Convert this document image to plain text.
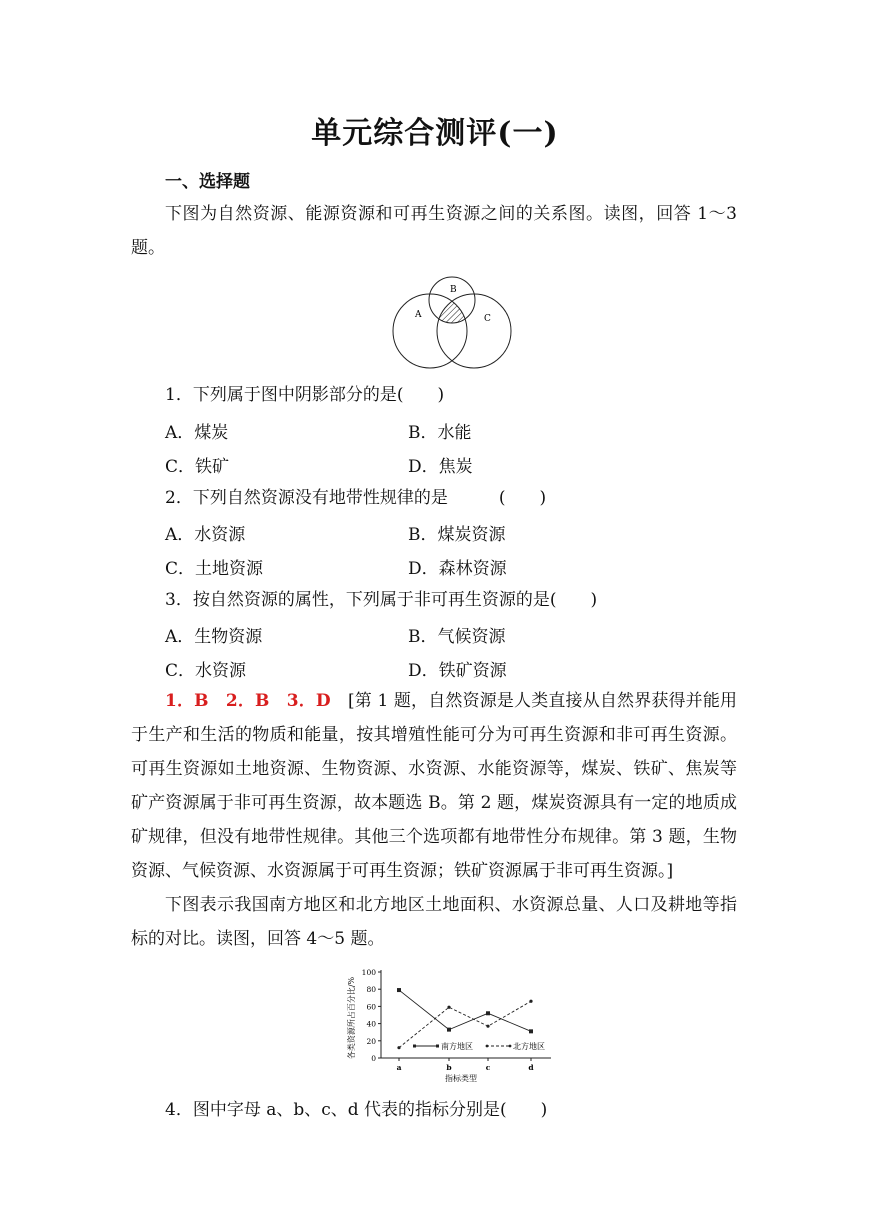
单元综合测评(一)
一、选择题
下图为自然资源、能源资源和可再生资源之间的关系图。读图，回答 1～3 题。
A
B
C
1．下列属于图中阴影部分的是(　　)
A．煤炭	B．水能
C．铁矿	D．焦炭
2．下列自然资源没有地带性规律的是　　　(　　)
A．水资源	B．煤炭资源
C．土地资源	D．森林资源
3．按自然资源的属性，下列属于非可再生资源的是(　　)
A．生物资源	B．气候资源
C．水资源	D．铁矿资源
1．B　2．B　3．D　 [第 1 题，自然资源是人类直接从自然界获得并能用于生产和生活的物质和能量，按其增殖性能可分为可再生资源和非可再生资源。可再生资源如土地资源、生物资源、水资源、水能资源等，煤炭、铁矿、焦炭等矿产资源属于非可再生资源，故本题选 B。第 2 题，煤炭资源具有一定的地质成矿规律，但没有地带性规律。其他三个选项都有地带性分布规律。第 3 题，生物资源、气候资源、水资源属于可再生资源；铁矿资源属于非可再生资源。]
下图表示我国南方地区和北方地区土地面积、水资源总量、人口及耕地等指标的对比。读图，回答 4～5 题。
各类资源所占百分比/%
指标类型
0
20
40
60
80
100
a	b	c	d
南方地区	北方地区
4．图中字母 a、b、c、d 代表的指标分别是(　　)
